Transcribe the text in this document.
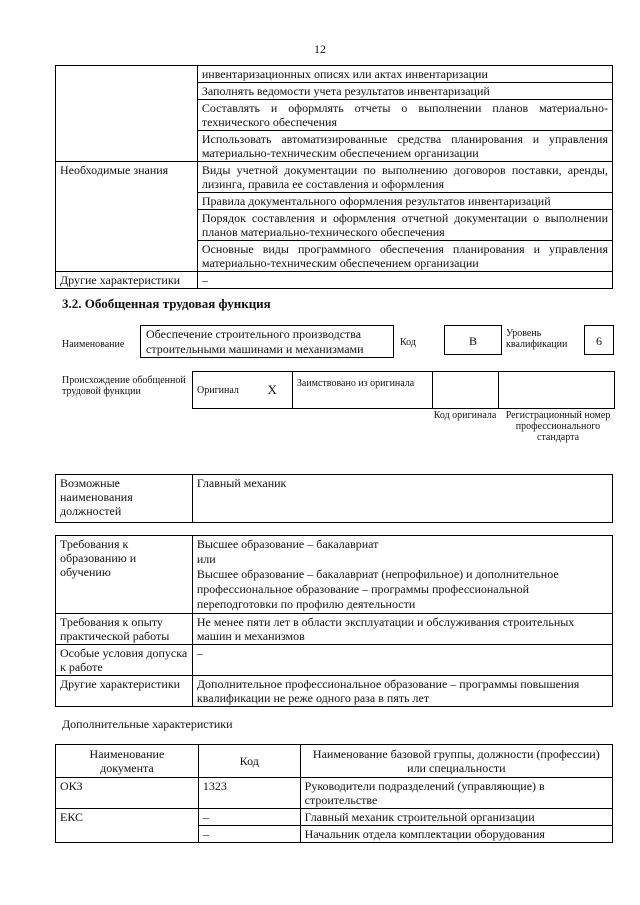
12
	инвентаризационных описях или актах инвентаризации
	Заполнять ведомости учета результатов инвентаризаций
	Составлять и оформлять отчеты о выполнении планов материально-технического обеспечения
	Использовать автоматизированные средства планирования и управления материально-техническим обеспечением организации
Необходимые знания	Виды учетной документации по выполнению договоров поставки, аренды, лизинга, правила ее составления и оформления
	Правила документального оформления результатов инвентаризаций
	Порядок составления и оформления отчетной документации о выполнении планов материально-технического обеспечения
	Основные виды программного обеспечения планирования и управления материально-техническим обеспечением организации
Другие характеристики	–
3.2. Обобщенная трудовая функция
Наименование
Обеспечение строительного производства строительными машинами и механизмами	Код	B
Уровень квалификации	6
Происхождение обобщенной трудовой функции	Оригинал	X	Заимствовано из оригинала		
Код оригинала Регистрационный номер профессионального стандарта
Возможные наименования должностей	Главный механик
Требования к образованию и обучению	Высшее образование – бакалавриат
или
Высшее образование – бакалавриат (непрофильное) и дополнительное профессиональное образование – программы профессиональной переподготовки по профилю деятельности

Требования к опыту практической работы	Не менее пяти лет в области эксплуатации и обслуживания строительных машин и механизмов
Особые условия допуска к работе	–
Другие характеристики	Дополнительное профессиональное образование – программы повышения квалификации не реже одного раза в пять лет
Дополнительные характеристики
Наименование документа	Код	Наименование базовой группы, должности (профессии) или специальности
ОКЗ	1323	Руководители подразделений (управляющие) в строительстве
ЕКС	–	Главный механик строительной организации
	–	Начальник отдела комплектации оборудования
